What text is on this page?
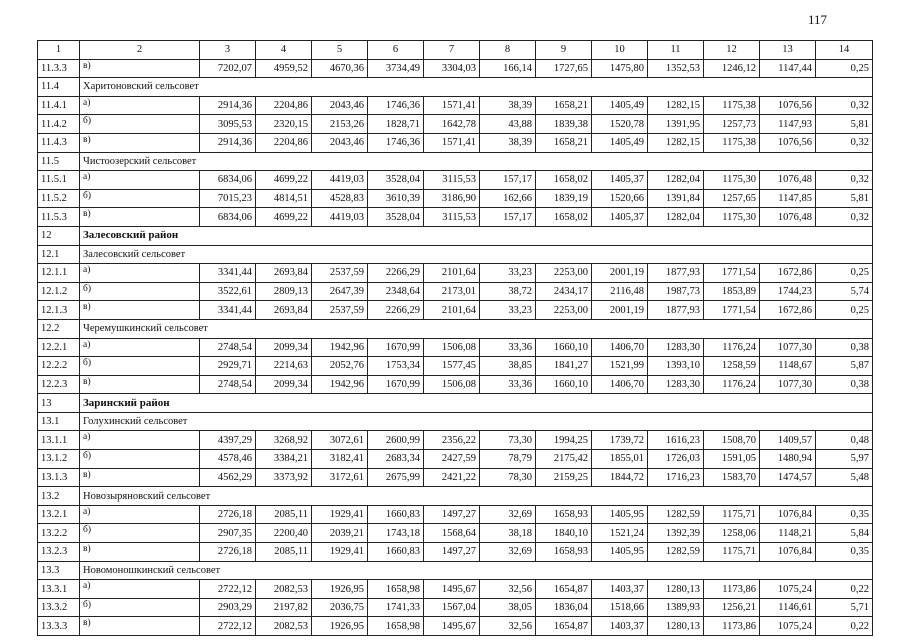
117
1	2	3	4	5	6	7	8	9	10	11	12	13	14
11.3.3	в)	7202,07	4959,52	4670,36	3734,49	3304,03	166,14	1727,65	1475,80	1352,53	1246,12	1147,44	0,25
11.4	Харитоновский сельсовет												
11.4.1	а)	2914,36	2204,86	2043,46	1746,36	1571,41	38,39	1658,21	1405,49	1282,15	1175,38	1076,56	0,32
11.4.2	б)	3095,53	2320,15	2153,26	1828,71	1642,78	43,88	1839,38	1520,78	1391,95	1257,73	1147,93	5,81
11.4.3	в)	2914,36	2204,86	2043,46	1746,36	1571,41	38,39	1658,21	1405,49	1282,15	1175,38	1076,56	0,32
11.5	Чистоозерский сельсовет												
11.5.1	а)	6834,06	4699,22	4419,03	3528,04	3115,53	157,17	1658,02	1405,37	1282,04	1175,30	1076,48	0,32
11.5.2	б)	7015,23	4814,51	4528,83	3610,39	3186,90	162,66	1839,19	1520,66	1391,84	1257,65	1147,85	5,81
11.5.3	в)	6834,06	4699,22	4419,03	3528,04	3115,53	157,17	1658,02	1405,37	1282,04	1175,30	1076,48	0,32
12	Залесовский район												
12.1	Залесовский сельсовет												
12.1.1	а)	3341,44	2693,84	2537,59	2266,29	2101,64	33,23	2253,00	2001,19	1877,93	1771,54	1672,86	0,25
12.1.2	б)	3522,61	2809,13	2647,39	2348,64	2173,01	38,72	2434,17	2116,48	1987,73	1853,89	1744,23	5,74
12.1.3	в)	3341,44	2693,84	2537,59	2266,29	2101,64	33,23	2253,00	2001,19	1877,93	1771,54	1672,86	0,25
12.2	Черемушкинский сельсовет												
12.2.1	а)	2748,54	2099,34	1942,96	1670,99	1506,08	33,36	1660,10	1406,70	1283,30	1176,24	1077,30	0,38
12.2.2	б)	2929,71	2214,63	2052,76	1753,34	1577,45	38,85	1841,27	1521,99	1393,10	1258,59	1148,67	5,87
12.2.3	в)	2748,54	2099,34	1942,96	1670,99	1506,08	33,36	1660,10	1406,70	1283,30	1176,24	1077,30	0,38
13	Заринский район												
13.1	Голухинский сельсовет												
13.1.1	а)	4397,29	3268,92	3072,61	2600,99	2356,22	73,30	1994,25	1739,72	1616,23	1508,70	1409,57	0,48
13.1.2	б)	4578,46	3384,21	3182,41	2683,34	2427,59	78,79	2175,42	1855,01	1726,03	1591,05	1480,94	5,97
13.1.3	в)	4562,29	3373,92	3172,61	2675,99	2421,22	78,30	2159,25	1844,72	1716,23	1583,70	1474,57	5,48
13.2	Новозыряновский сельсовет												
13.2.1	а)	2726,18	2085,11	1929,41	1660,83	1497,27	32,69	1658,93	1405,95	1282,59	1175,71	1076,84	0,35
13.2.2	б)	2907,35	2200,40	2039,21	1743,18	1568,64	38,18	1840,10	1521,24	1392,39	1258,06	1148,21	5,84
13.2.3	в)	2726,18	2085,11	1929,41	1660,83	1497,27	32,69	1658,93	1405,95	1282,59	1175,71	1076,84	0,35
13.3	Новомоношкинский сельсовет												
13.3.1	а)	2722,12	2082,53	1926,95	1658,98	1495,67	32,56	1654,87	1403,37	1280,13	1173,86	1075,24	0,22
13.3.2	б)	2903,29	2197,82	2036,75	1741,33	1567,04	38,05	1836,04	1518,66	1389,93	1256,21	1146,61	5,71
13.3.3	в)	2722,12	2082,53	1926,95	1658,98	1495,67	32,56	1654,87	1403,37	1280,13	1173,86	1075,24	0,22
